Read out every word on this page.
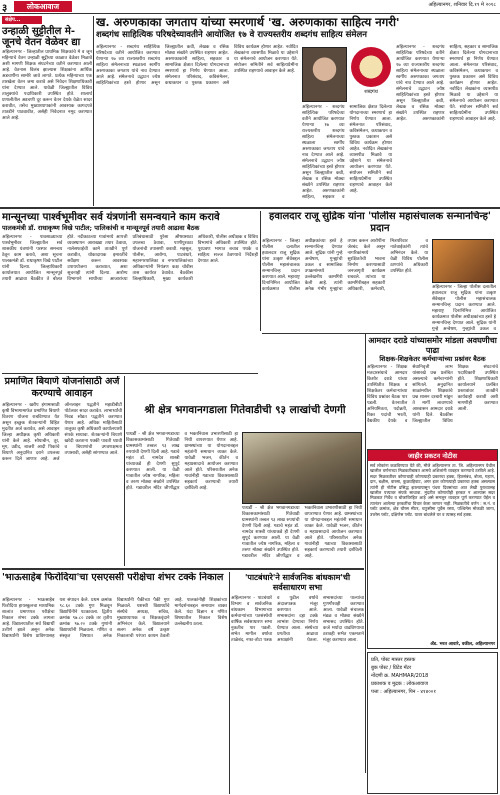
३	लोकआवाज	अहिल्यानगर, शनिवार दि.१९ मे २०१८
संक्षेप...
उन्हाळी सुट्टीतील मे- जूनचे वेतन वेळेवर द्या
अहिल्यानगर - जिल्हातील प्राथमिक शिक्षकांचे मे व जून महिन्याचे वेतन उन्हाळी सुट्टीच्या काळात वेळेवर मिळावे अशी मागणी शिक्षक संघटनेच्या वतीने करण्यात आली आहे. वेतनास विलंब झाल्यास शिक्षकांना आर्थिक अडचणींना सामोरे जावे लागते. प्रत्येक महिन्याच्या एक तारखेला वेतन जमा करावे असे निवेदन शिक्षणाधिकारी यांना देण्यात आले. यावेळी जिल्ह्यातील विविध तालुक्यांचे पदाधिकारी उपस्थित होते. शालार्थ प्रणालीतील अडचणी दूर करून वेतन देयके वेळेत सादर करावीत, तसेच मुख्याध्यापकांनी आवश्यक कागदपत्रे तातडीने पाठवावीत, असेही निवेदनात नमूद करण्यात आले आहे.
ख. अरुणकाका जगताप यांच्या स्मरणार्थ 'ख. अरुणकाका साहित्य नगरी'
शब्दगंध साहित्यिक परिषदेच्यावतीने आयोजित १७ वे राज्यस्तरीय शब्दगंध साहित्य संमेलन
शब्दगंध
अहिल्यानगर - शब्दगंध साहित्यिक परिषदेच्या वतीने आयोजित करण्यात येणाऱ्या १७ व्या राज्यस्तरीय शब्दगंध साहित्य संमेलनाच्या स्थळाला स्वर्गीय अरुणकाका जगताप यांचे नाव देण्यात आले आहे. संमेलनाचे उद्घाटन ज्येष्ठ साहित्यिकांच्या हस्ते होणार असून जिल्ह्यातील कवी, लेखक व रसिक मोठ्या संख्येने उपस्थित राहणार आहेत. अरुणकाकांनी साहित्य, सहकार व सामाजिक क्षेत्रात दिलेल्या योगदानाच्या स्मरणार्थ हा निर्णय घेण्यात आला. संमेलनात परिसंवाद, कविसंमेलन, कथाकथन व पुस्तक प्रकाशन असे विविध कार्यक्रम होणार आहेत. नवोदित लेखकांना व्यासपीठ मिळावे या उद्देशाने या संमेलनाचे आयोजन करण्यात येते. संयोजन समितीने सर्व साहित्यप्रेमींना उपस्थित राहण्याचे आवाहन केले आहे.
अहिल्यानगर - शब्दगंध साहित्यिक परिषदेच्या वतीने आयोजित करण्यात येणाऱ्या १७ व्या राज्यस्तरीय शब्दगंध साहित्य संमेलनाच्या स्थळाला स्वर्गीय अरुणकाका जगताप यांचे नाव देण्यात आले आहे. संमेलनाचे उद्घाटन ज्येष्ठ साहित्यिकांच्या हस्ते होणार असून जिल्ह्यातील कवी, लेखक व रसिक मोठ्या संख्येने उपस्थित राहणार आहेत. अरुणकाकांनी साहित्य, सहकार व सामाजिक क्षेत्रात दिलेल्या योगदानाच्या स्मरणार्थ हा निर्णय घेण्यात आला. संमेलनात परिसंवाद, कविसंमेलन, कथाकथन व पुस्तक प्रकाशन असे विविध कार्यक्रम होणार आहेत. नवोदित लेखकांना व्यासपीठ मिळावे या उद्देशाने या संमेलनाचे आयोजन करण्यात येते. संयोजन समितीने सर्व साहित्यप्रेमींना उपस्थित राहण्याचे आवाहन केले आहे.
अहिल्यानगर - शब्दगंध साहित्यिक परिषदेच्या वतीने आयोजित करण्यात येणाऱ्या १७ व्या राज्यस्तरीय शब्दगंध साहित्य संमेलनाच्या स्थळाला स्वर्गीय अरुणकाका जगताप यांचे नाव देण्यात आले आहे. संमेलनाचे उद्घाटन ज्येष्ठ साहित्यिकांच्या हस्ते होणार असून जिल्ह्यातील कवी, लेखक व रसिक मोठ्या संख्येने उपस्थित राहणार आहेत. अरुणकाकांनी साहित्य, सहकार व सामाजिक क्षेत्रात दिलेल्या योगदानाच्या स्मरणार्थ हा निर्णय घेण्यात आला. संमेलनात परिसंवाद, कविसंमेलन, कथाकथन व पुस्तक प्रकाशन असे विविध कार्यक्रम होणार आहेत. नवोदित लेखकांना व्यासपीठ मिळावे या उद्देशाने या संमेलनाचे आयोजन करण्यात येते. संयोजन समितीने सर्व साहित्यप्रेमींना उपस्थित राहण्याचे आवाहन केले आहे.
मान्सूनच्या पार्श्वभूमीवर सर्व यंत्रणांनी समन्वयाने काम करावे
पालकमंत्री डॉ. राधाकृष्ण विखे पाटील; पालिकांची व मान्सूनपूर्व तयारी आढावा बैठक
अहिल्यानगर - पावसाळ्याच्या पार्श्वभूमीवर जिल्ह्यातील सर्व शासकीय यंत्रणांनी परस्पर समन्वय ठेवून काम करावे, अशा सूचना पालकमंत्री डॉ. राधाकृष्ण विखे पाटील यांनी दिल्या. जिल्हाधिकारी कार्यालयात आयोजित मान्सूनपूर्व तयारी आढावा बैठकीत ते बोलत होते. नदीकाठच्या गावांमध्ये आपत्ती व्यवस्थापन आराखडा तयार ठेवावा, नालेसफाईची कामे तातडीने पूर्ण करावीत, धोकादायक इमारतींचे सर्वेक्षण करून आवश्यक उपाययोजना कराव्यात, अशा सूचनाही त्यांनी दिल्या. आरोग्य विभागाने साथीच्या आजारांच्या प्रतिबंधासाठी पुरेसा औषधसाठा उपलब्ध ठेवावा, पाणीपुरवठा योजनांची तपासणी करावी. महसूल, पोलीस, आरोग्य, पाटबंधारे, महानगरपालिका व नगरपालिकांच्या अधिकाऱ्यांनी नियंत्रण कक्ष चोवीस तास कार्यरत ठेवावेत. बैठकीस जिल्हाधिकारी, मुख्य कार्यकारी अधिकारी, पोलीस अधीक्षक व विविध विभागांचे अधिकारी उपस्थित होते. पूरप्रवण भागात बचाव पथके व साहित्य सज्ज ठेवण्याचे निर्देशही देण्यात आले.
हवालदार राजू सुद्रिक यांना 'पोलीस महासंचालक सन्मानचिन्ह' प्रदान
अहिल्यानगर - जिल्हा पोलीस दलातील हवालदार राजू सुद्रिक यांना उत्कृष्ट सेवेबद्दल पोलीस महासंचालक सन्मानचिन्ह प्रदान करण्यात आले. महाराष्ट्र दिनानिमित्त आयोजित कार्यक्रमात पोलीस अधीक्षकांच्या हस्ते हे सन्मानचिन्ह देण्यात आले. सुद्रिक यांनी गुन्हे अन्वेषण, गुन्ह्यांची उकल व सामाजिक उपक्रमांमध्ये उल्लेखनीय कामगिरी केली आहे. त्यांनी अनेक गंभीर गुन्ह्यांचा तपास करून आरोपींना जेरबंद केले असून नागरिकांमध्ये सुरक्षिततेची भावना निर्माण करण्यासाठी जनजागृती कार्यक्रम राबवले. त्यांच्या या कामगिरीबद्दल सहकारी अधिकारी, कर्मचारी, मित्रपरिवार व नातेवाईकांनी त्यांचे अभिनंदन केले. या वेळी विविध पोलीस ठाण्यांचे अधिकारी उपस्थित होते.
अहिल्यानगर - जिल्हा पोलीस दलातील हवालदार राजू सुद्रिक यांना उत्कृष्ट सेवेबद्दल पोलीस महासंचालक सन्मानचिन्ह प्रदान करण्यात आले. महाराष्ट्र दिनानिमित्त आयोजित कार्यक्रमात पोलीस अधीक्षकांच्या हस्ते हे सन्मानचिन्ह देण्यात आले. सुद्रिक यांनी गुन्हे अन्वेषण, गुन्ह्यांची उकल व
प्रमाणित बियाणे योजनांसाठी अर्ज करण्याचे आवाहन
अहिल्यानगर - खरीप हंगामासाठी कृषी विभागामार्फत प्रमाणित बियाणे वितरण योजना राबविण्यात येत असून इच्छुक शेतकऱ्यांनी विहित मुदतीत अर्ज करावेत, असे आवाहन जिल्हा अधीक्षक कृषी अधिकारी यांनी केले आहे. सोयाबीन, तूर, मूग, उडीद, बाजरी आदी पिकांचे बियाणे अनुदानित दराने उपलब्ध करून दिले जाणार आहे. अर्ज ऑनलाइन पद्धतीने महाडीबीटी पोर्टलवर सादर करावेत. लाभार्थ्यांची निवड सोडत पद्धतीने करण्यात येणार आहे. अधिक माहितीसाठी तालुका कृषी अधिकारी कार्यालयाशी संपर्क साधावा. शेतकऱ्यांनी बियाणे खरेदी करताना पक्की पावती घ्यावी व बियाणांची उगवणक्षमता तपासावी, असेही सांगण्यात आले.
श्री क्षेत्र भगवानगडाला गितेवाडीची ९३ लाखांची देणगी
पाथर्डी - श्री क्षेत्र भगवानगडाच्या विकासकामांसाठी गितेवाडी ग्रामस्थांनी तब्बल ९३ लाख रुपयांची देणगी दिली आहे. गडाचे महंत डॉ. नामदेव शास्त्री यांच्याकडे ही देणगी सुपूर्द करण्यात आली. या वेळी गावातील ज्येष्ठ नागरिक, महिला व तरुण मोठ्या संख्येने उपस्थित होते. गडावरील मंदिर जीर्णोद्धार व भक्तनिवास उभारणीसाठी हा निधी वापरण्यात येणार आहे. ग्रामस्थांच्या या योगदानाबद्दल महंतांनी समाधान व्यक्त केले. यावेळी भजन, कीर्तन व महाप्रसादाचे आयोजन करण्यात आले होते. परिसरातील अनेक गावांनीही गडाच्या विकासासाठी सहकार्य करण्याची तयारी दर्शविली आहे.
पाथर्डी - श्री क्षेत्र भगवानगडाच्या विकासकामांसाठी गितेवाडी ग्रामस्थांनी तब्बल ९३ लाख रुपयांची देणगी दिली आहे. गडाचे महंत डॉ. नामदेव शास्त्री यांच्याकडे ही देणगी सुपूर्द करण्यात आली. या वेळी गावातील ज्येष्ठ नागरिक, महिला व तरुण मोठ्या संख्येने उपस्थित होते. गडावरील मंदिर जीर्णोद्धार व भक्तनिवास उभारणीसाठी हा निधी वापरण्यात येणार आहे. ग्रामस्थांच्या या योगदानाबद्दल महंतांनी समाधान व्यक्त केले. यावेळी भजन, कीर्तन व महाप्रसादाचे आयोजन करण्यात आले होते. परिसरातील अनेक गावांनीही गडाच्या विकासासाठी सहकार्य करण्याची तयारी दर्शविली आहे.
आमदार दराडे यांच्यासमोर मांडला अवघणीचा पाढा
शिक्षक-शिक्षकेतर कर्मचाऱ्यांच्या प्रश्नांवर बैठक
अहिल्यानगर - शिक्षक मतदारसंघाचे आमदार किशोर दराडे यांच्या उपस्थितीत शिक्षक व शिक्षकेतर कर्मचाऱ्यांच्या विविध प्रश्नांवर बैठक पार पडली. वेतनातील अनियमितता, पदोन्नती, रिक्त पदांची भरती, वैद्यकीय देयके व सेवानिवृत्ती लाभ यांसारखे प्रश्न प्रलंबित असल्याचे कर्मचाऱ्यांनी सांगितले. अनुदानित शाळांमधील शिक्षकांचे प्रश्न शासन दरबारी मांडून ते मार्गी लावण्याचे आश्वासन आमदार दराडे यांनी दिले. बैठकीस जिल्ह्यातील विविध शिक्षक संघटनांचे पदाधिकारी उपस्थित होते. शिक्षणाधिकारी कार्यालयाने प्रलंबित प्रस्तावांवर तातडीने कार्यवाही करावी अशी मागणीही करण्यात आली.
जाहीर प्रकटन नोटीस
सर्व लोकांना कळविण्यात येते की, मौजे अहिल्यानगर ता. जि. अहिल्यानगर येथील खालील वर्णनाच्या मिळकतीबाबत आमचे अशिलांनी व्यवहार करण्याचे ठरविले आहे. सदर मिळकतीवर कोणाचाही कोणत्याही प्रकारचा हक्क, हितसंबंध, बोजा, गहाण, दान, बक्षीस, वारसा, कुळवहिवाट, अगर इतर कोणत्याही प्रकारचा हक्क असल्यास त्यांनी ही नोटीस प्रसिद्ध झाल्यापासून पंधरा दिवसांच्या आत लेखी पुराव्यासह खालील पत्त्यावर संपर्क साधावा. मुदतीत कोणाचीही हरकत न आल्यास सदर मिळकत निर्वेध व बोजाविरहित आहे असे समजून व्यवहार पूर्ण करण्यात येईल व त्यानंतर आलेल्या हरकतींचा विचार केला जाणार नाही. मिळकतीचे वर्णन : स.नं. व प्लॉट क्रमांक, क्षेत्र चौरस मीटर, चतुःसीमा पूर्वेस रस्ता, पश्चिमेस मोकळी जागा, उत्तरेस प्लॉट, दक्षिणेस प्लॉट. यावर बांधलेले घर व त्यासह सर्व हक्क.
ॲड. भरत आवारे, वकील, अहिल्यानगर
'भाऊसाहेब फिरोदिया'चा एसएससी परीक्षेचा शंभर टक्के निकाल
अहिल्यानगर - भाऊसाहेब फिरोदिया हायस्कूलचा माध्यमिक शालांत प्रमाणपत्र परीक्षेचा निकाल शंभर टक्के लागला आहे. विद्यालयातील सर्व विद्यार्थी उत्तीर्ण झाले असून अनेक विद्यार्थ्यांनी विशेष प्राविण्यासह यश संपादन केले. प्रथम क्रमांक ९८.६० टक्के गुण मिळवून विद्यार्थिनीने पटकावला. द्वितीय क्रमांक ९७.८० टक्के तर तृतीय क्रमांक ९७.२० टक्के गुणांनी विद्यार्थ्यांनी मिळवला. गणित व संस्कृत विषयात अनेक विद्यार्थ्यांनी पैकीच्या पैकी गुण मिळवले. यशस्वी विद्यार्थ्यांचे संस्थेचे अध्यक्ष, सचिव, मुख्याध्यापक व शिक्षकवृंदाने अभिनंदन केले. विद्यालयाने सलग अनेक वर्षे उत्कृष्ट निकालाची परंपरा कायम ठेवली आहे. पालकांनीही शिक्षकांच्या मार्गदर्शनाबद्दल समाधान व्यक्त केले. यंदा विज्ञान व गणित विषयातील निकाल विशेष उल्लेखनीय ठरला.
'पाटबंधारे'ने सार्वजनिक बांधकाम'ची सर्वसाधारण सभा
अहिल्यानगर - पाटबंधारे विभाग व सार्वजनिक बांधकाम विभागाच्या कर्मचाऱ्यांच्या पतसंस्थेची वार्षिक सर्वसाधारण सभा नुकतीच पार पडली. सभेत मागील वर्षाचा ताळेबंद, नफा-तोटा पत्रक व पुढील वर्षाचे अंदाजपत्रक मंजूर करण्यात आले. सभासदांना दहा टक्के लाभांश देण्याचा निर्णय घेण्यात आला. संस्थेच्या प्रगतीचा आढावा अध्यक्षांनी घेतला. सभासदांच्या पाल्यांचा गुणगौरवही करण्यात आला. यावेळी संचालक मंडळ व मोठ्या संख्येने सभासद उपस्थित होते. कर्ज मर्यादा वाढविण्याचा ठरावही सभेत एकमताने मंजूर करण्यात आला.
प्रति, पोस्ट मास्तर हस्तक
बुक पोस्ट / प्रिंटेड मॅटर
नोंदणी क्र. MAHMAR/2018
प्रकाशक व मुद्रक : लोकआवाज
पत्ता : अहिल्यानगर, पिन - ४१४००१
